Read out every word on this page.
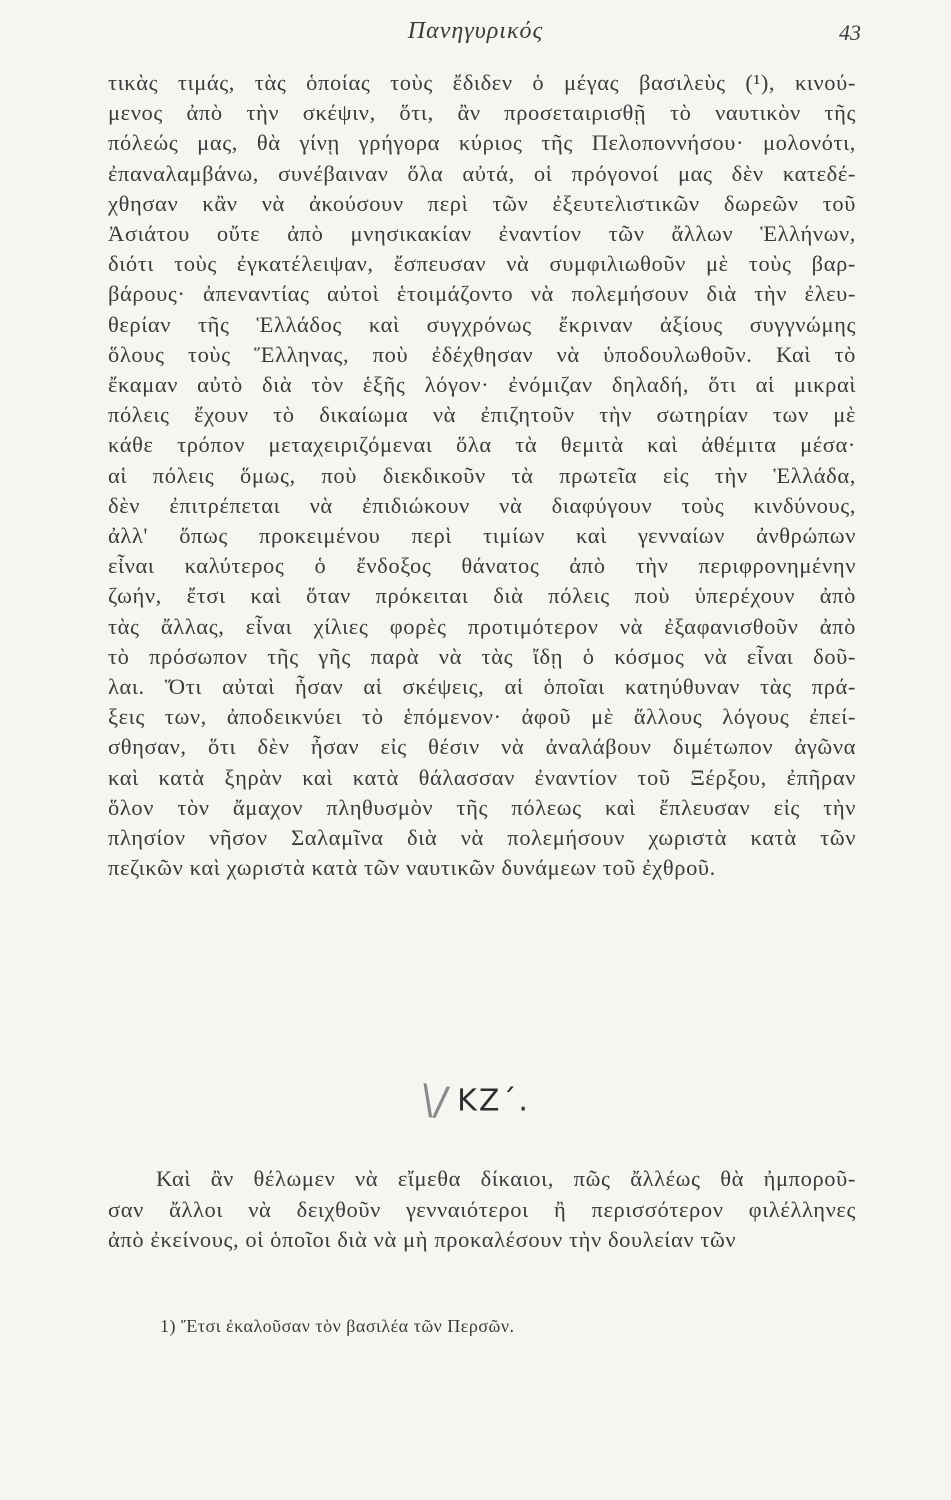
Πανηγυρικός	43
τικὰς τιμάς, τὰς ὁποίας τοὺς ἔδιδεν ὁ μέγας βασιλεὺς (¹), κινού-
μενος ἀπὸ τὴν σκέψιν, ὅτι, ἂν προσεταιρισθῇ τὸ ναυτικὸν τῆς
πόλεώς μας, θὰ γίνῃ γρήγορα κύριος τῆς Πελοποννήσου· μολονότι,
ἐπαναλαμβάνω, συνέβαιναν ὅλα αὐτά, οἱ πρόγονοί μας δὲν κατεδέ-
χθησαν κἂν νὰ ἀκούσουν περὶ τῶν ἐξευτελιστικῶν δωρεῶν τοῦ
Ἀσιάτου οὔτε ἀπὸ μνησικακίαν ἐναντίον τῶν ἄλλων Ἑλλήνων,
διότι τοὺς ἐγκατέλειψαν, ἔσπευσαν νὰ συμφιλιωθοῦν μὲ τοὺς βαρ-
βάρους· ἀπεναντίας αὐτοὶ ἑτοιμάζοντο νὰ πολεμήσουν διὰ τὴν ἐλευ-
θερίαν τῆς Ἑλλάδος καὶ συγχρόνως ἔκριναν ἀξίους συγγνώμης
ὅλους τοὺς Ἕλληνας, ποὺ ἐδέχθησαν νὰ ὑποδουλωθοῦν. Καὶ τὸ
ἔκαμαν αὐτὸ διὰ τὸν ἑξῆς λόγον· ἐνόμιζαν δηλαδή, ὅτι αἱ μικραὶ
πόλεις ἔχουν τὸ δικαίωμα νὰ ἐπιζητοῦν τὴν σωτηρίαν των μὲ
κάθε τρόπον μεταχειριζόμεναι ὅλα τὰ θεμιτὰ καὶ ἀθέμιτα μέσα·
αἱ πόλεις ὅμως, ποὺ διεκδικοῦν τὰ πρωτεῖα εἰς τὴν Ἑλλάδα,
δὲν ἐπιτρέπεται νὰ ἐπιδιώκουν νὰ διαφύγουν τοὺς κινδύνους,
ἀλλ' ὅπως προκειμένου περὶ τιμίων καὶ γενναίων ἀνθρώπων
εἶναι καλύτερος ὁ ἔνδοξος θάνατος ἀπὸ τὴν περιφρονημένην
ζωήν, ἔτσι καὶ ὅταν πρόκειται διὰ πόλεις ποὺ ὑπερέχουν ἀπὸ
τὰς ἄλλας, εἶναι χίλιες φορὲς προτιμότερον νὰ ἐξαφανισθοῦν ἀπὸ
τὸ πρόσωπον τῆς γῆς παρὰ νὰ τὰς ἴδῃ ὁ κόσμος νὰ εἶναι δοῦ-
λαι. Ὅτι αὐταὶ ἦσαν αἱ σκέψεις, αἱ ὁποῖαι κατηύθυναν τὰς πρά-
ξεις των, ἀποδεικνύει τὸ ἑπόμενον· ἀφοῦ μὲ ἄλλους λόγους ἐπεί-
σθησαν, ὅτι δὲν ἦσαν εἰς θέσιν νὰ ἀναλάβουν διμέτωπον ἀγῶνα
καὶ κατὰ ξηρὰν καὶ κατὰ θάλασσαν ἐναντίον τοῦ Ξέρξου, ἐπῆραν
ὅλον τὸν ἄμαχον πληθυσμὸν τῆς πόλεως καὶ ἔπλευσαν εἰς τὴν
πλησίον νῆσον Σαλαμῖνα διὰ νὰ πολεμήσουν χωριστὰ κατὰ τῶν
πεζικῶν καὶ χωριστὰ κατὰ τῶν ναυτικῶν δυνάμεων τοῦ ἐχθροῦ.
\/ ΚΖ΄.
Καὶ ἂν θέλωμεν νὰ εἴμεθα δίκαιοι, πῶς ἄλλέως θὰ ἠμποροῦ-
σαν ἄλλοι νὰ δειχθοῦν γενναιότεροι ἢ περισσότερον φιλέλληνες
ἀπὸ ἐκείνους, οἱ ὁποῖοι διὰ νὰ μὴ προκαλέσουν τὴν δουλείαν τῶν
1) Ἔτσι ἐκαλοῦσαν τὸν βασιλέα τῶν Περσῶν.
